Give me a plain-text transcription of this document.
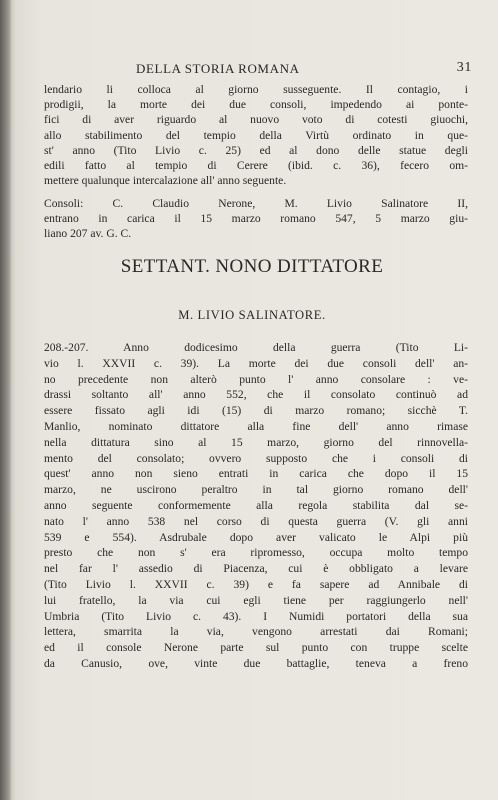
DELLA STORIA ROMANA	31
lendario li colloca al giorno susseguente. Il contagio, i
prodigii, la morte dei due consoli, impedendo ai ponte-
fici di aver riguardo al nuovo voto di cotesti giuochi,
allo stabilimento del tempio della Virtù ordinato in que-
st' anno (Tito Livio c. 25) ed al dono delle statue degli
edili fatto al tempio di Cerere (ibid. c. 36), fecero om-
mettere qualunque intercalazione all' anno seguente.
Consoli: C. Claudio Nerone, M. Livio Salinatore II,
entrano in carica il 15 marzo romano 547, 5 marzo giu-
liano 207 av. G. C.
SETTANT. NONO DITTATORE
M. LIVIO SALINATORE.
208.-207. Anno dodicesimo della guerra (Tito Li-
vio l. XXVII c. 39). La morte dei due consoli dell' an-
no precedente non alterò punto l' anno consolare : ve-
drassi soltanto all' anno 552, che il consolato continuò ad
essere fissato agli idi (15) di marzo romano; sicchè T.
Manlio, nominato dittatore alla fine dell' anno rimase
nella dittatura sino al 15 marzo, giorno del rinnovella-
mento del consolato; ovvero supposto che i consoli di
quest' anno non sieno entrati in carica che dopo il 15
marzo, ne uscirono peraltro in tal giorno romano dell'
anno seguente conformemente alla regola stabilita dal se-
nato l' anno 538 nel corso di questa guerra (V. gli anni
539 e 554). Asdrubale dopo aver valicato le Alpi più
presto che non s' era ripromesso, occupa molto tempo
nel far l' assedio di Piacenza, cui è obbligato a levare
(Tito Livio l. XXVII c. 39) e fa sapere ad Annibale di
lui fratello, la via cui egli tiene per raggiungerlo nell'
Umbria (Tito Livio c. 43). I Numidi portatori della sua
lettera, smarrita la via, vengono arrestati dai Romani;
ed il console Nerone parte sul punto con truppe scelte
da Canusio, ove, vinte due battaglie, teneva a freno
